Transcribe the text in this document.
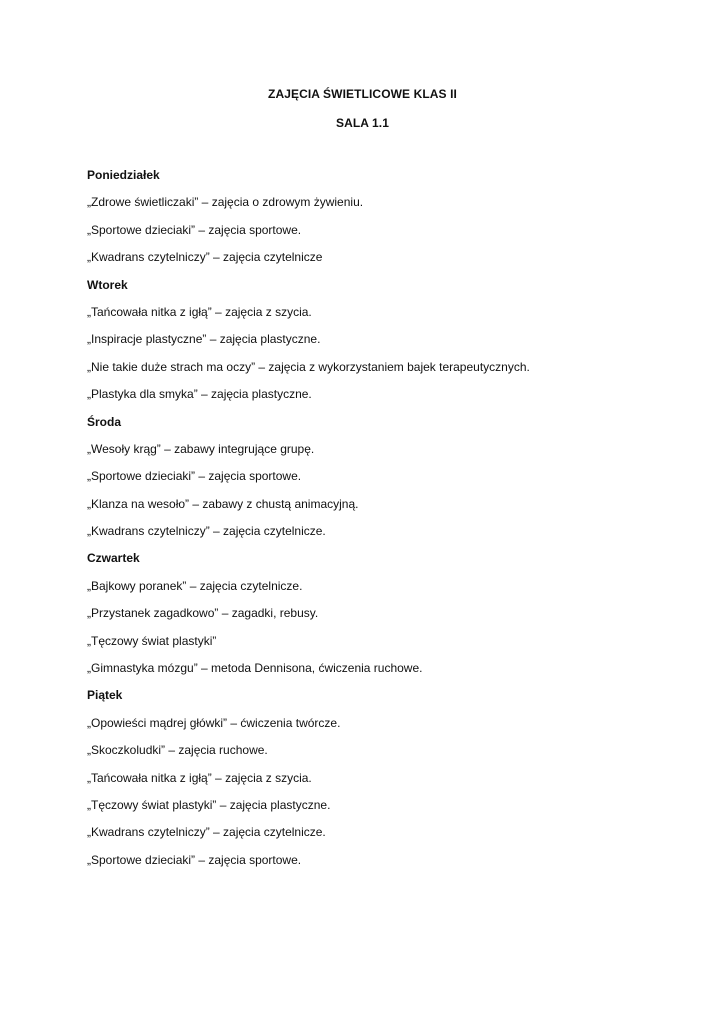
ZAJĘCIA ŚWIETLICOWE KLAS II
SALA 1.1
Poniedziałek
„Zdrowe świetliczaki” – zajęcia o zdrowym żywieniu.
„Sportowe dzieciaki” – zajęcia sportowe.
„Kwadrans czytelniczy” – zajęcia czytelnicze
Wtorek
„Tańcowała nitka z igłą” – zajęcia z szycia.
„Inspiracje plastyczne” – zajęcia plastyczne.
„Nie takie duże strach ma oczy” – zajęcia z wykorzystaniem bajek terapeutycznych.
„Plastyka dla smyka” – zajęcia plastyczne.
Środa
„Wesoły krąg” – zabawy integrujące grupę.
„Sportowe dzieciaki” – zajęcia sportowe.
„Klanza na wesoło” – zabawy z chustą animacyjną.
„Kwadrans czytelniczy” – zajęcia czytelnicze.
Czwartek
„Bajkowy poranek” – zajęcia czytelnicze.
„Przystanek zagadkowo” – zagadki, rebusy.
„Tęczowy świat plastyki”
„Gimnastyka mózgu” – metoda Dennisona, ćwiczenia ruchowe.
Piątek
„Opowieści mądrej główki” – ćwiczenia twórcze.
„Skoczkoludki” – zajęcia ruchowe.
„Tańcowała nitka z igłą” – zajęcia z szycia.
„Tęczowy świat plastyki” – zajęcia plastyczne.
„Kwadrans czytelniczy” – zajęcia czytelnicze.
„Sportowe dzieciaki” – zajęcia sportowe.
